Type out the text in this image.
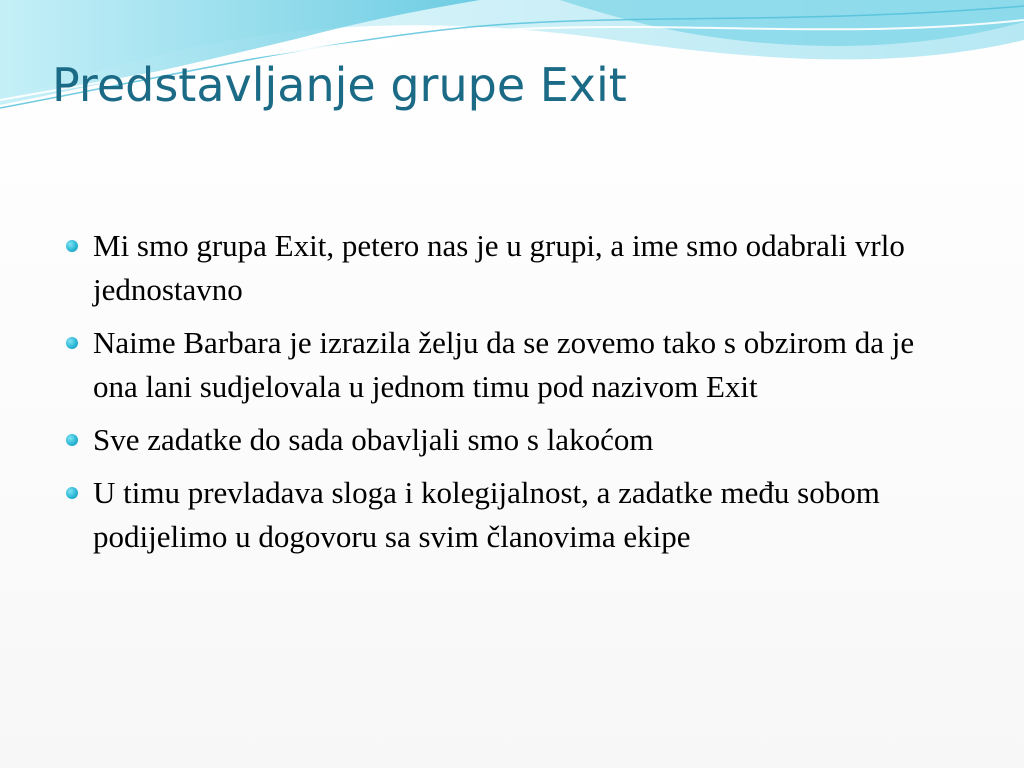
Predstavljanje grupe Exit
Mi smo grupa Exit, petero nas je u grupi, a ime smo odabrali vrlo jednostavno
Naime Barbara je izrazila želju da se zovemo tako s obzirom da je ona lani sudjelovala u jednom timu pod nazivom Exit
Sve zadatke do sada obavljali smo s lakoćom
U timu prevladava sloga i kolegijalnost, a zadatke među sobom podijelimo u dogovoru sa svim članovima ekipe
